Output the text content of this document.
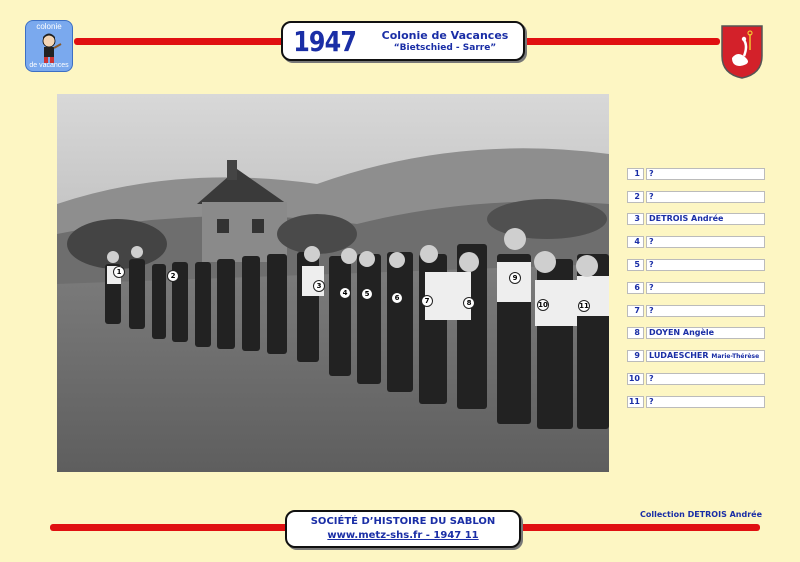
colonie
de vacances
1947	Colonie de Vacances
“Bietschied - Sarre”
1	2
3
4	5	6	7	8
9
10	11
1	?
2	?
3	DETROIS Andrée
4	?
5	?
6	?
7	?
8	DOYEN Angèle
9	LUDAESCHER Marie-Thérèse
10	?
11	?
Collection DETROIS Andrée
SOCIÉTÉ D’HISTOIRE DU SABLON
www.metz-shs.fr - 1947 11
